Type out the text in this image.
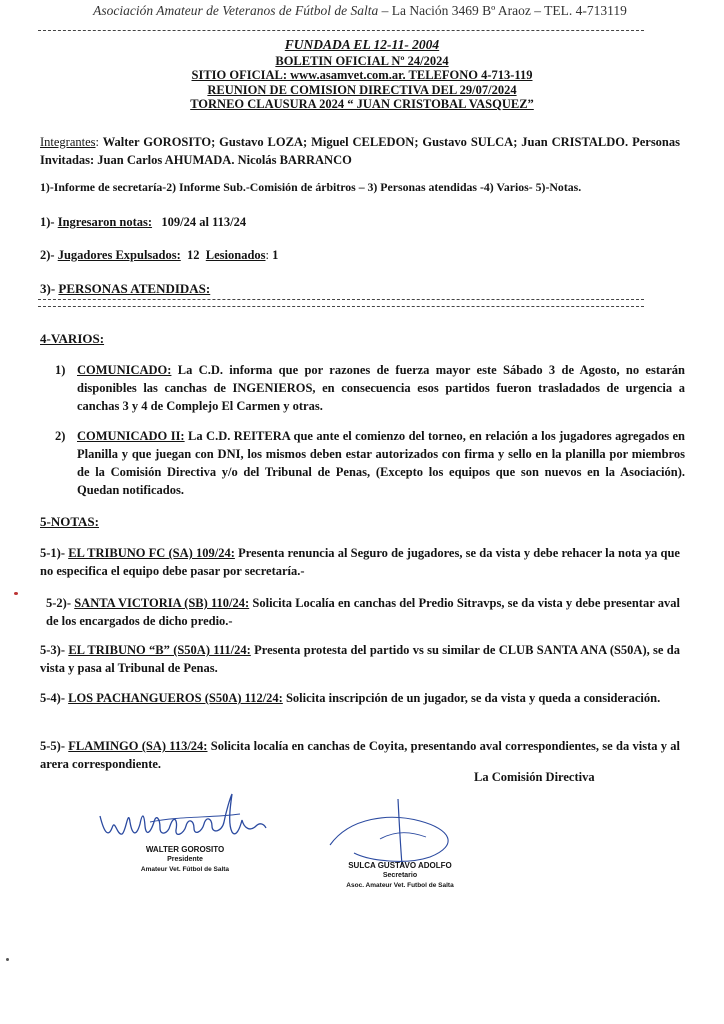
Asociación Amateur de Veteranos de Fútbol de Salta – La Nación 3469 Bº Araoz – TEL. 4-713119
FUNDADA EL 12-11- 2004
BOLETIN OFICIAL Nº 24/2024
SITIO OFICIAL: www.asamvet.com.ar. TELEFONO 4-713-119
REUNION DE COMISION DIRECTIVA DEL 29/07/2024
TORNEO CLAUSURA 2024 “ JUAN CRISTOBAL VASQUEZ”
Integrantes: Walter GOROSITO; Gustavo LOZA; Miguel CELEDON; Gustavo SULCA; Juan CRISTALDO. Personas Invitadas: Juan Carlos AHUMADA. Nicolás BARRANCO
1)-Informe de secretaría-2) Informe Sub.-Comisión de árbitros – 3) Personas atendidas -4) Varios- 5)-Notas.
1)- Ingresaron notas: 109/24 al 113/24
2)- Jugadores Expulsados: 12 Lesionados: 1
3)- PERSONAS ATENDIDAS:
4-VARIOS:
1) COMUNICADO: La C.D. informa que por razones de fuerza mayor este Sábado 3 de Agosto, no estarán disponibles las canchas de INGENIEROS, en consecuencia esos partidos fueron trasladados de urgencia a canchas 3 y 4 de Complejo El Carmen y otras.
2) COMUNICADO II: La C.D. REITERA que ante el comienzo del torneo, en relación a los jugadores agregados en Planilla y que juegan con DNI, los mismos deben estar autorizados con firma y sello en la planilla por miembros de la Comisión Directiva y/o del Tribunal de Penas, (Excepto los equipos que son nuevos en la Asociación). Quedan notificados.
5-NOTAS:
5-1)- EL TRIBUNO FC (SA) 109/24: Presenta renuncia al Seguro de jugadores, se da vista y debe rehacer la nota ya que no especifica el equipo debe pasar por secretaría.-
5-2)- SANTA VICTORIA (SB) 110/24: Solicita Localía en canchas del Predio Sitravps, se da vista y debe presentar aval de los encargados de dicho predio.-
5-3)- EL TRIBUNO “B” (S50A) 111/24: Presenta protesta del partido vs su similar de CLUB SANTA ANA (S50A), se da vista y pasa al Tribunal de Penas.
5-4)- LOS PACHANGUEROS (S50A) 112/24: Solicita inscripción de un jugador, se da vista y queda a consideración.
5-5)- FLAMINGO (SA) 113/24: Solicita localía en canchas de Coyita, presentando aval correspondientes, se da vista y al arera correspondiente.
La Comisión Directiva
WALTER GOROSITO
Presidente
Amateur Vet. Fútbol de Salta	SULCA GUSTAVO ADOLFO
Secretario
Asoc. Amateur Vet. Futbol de Salta
